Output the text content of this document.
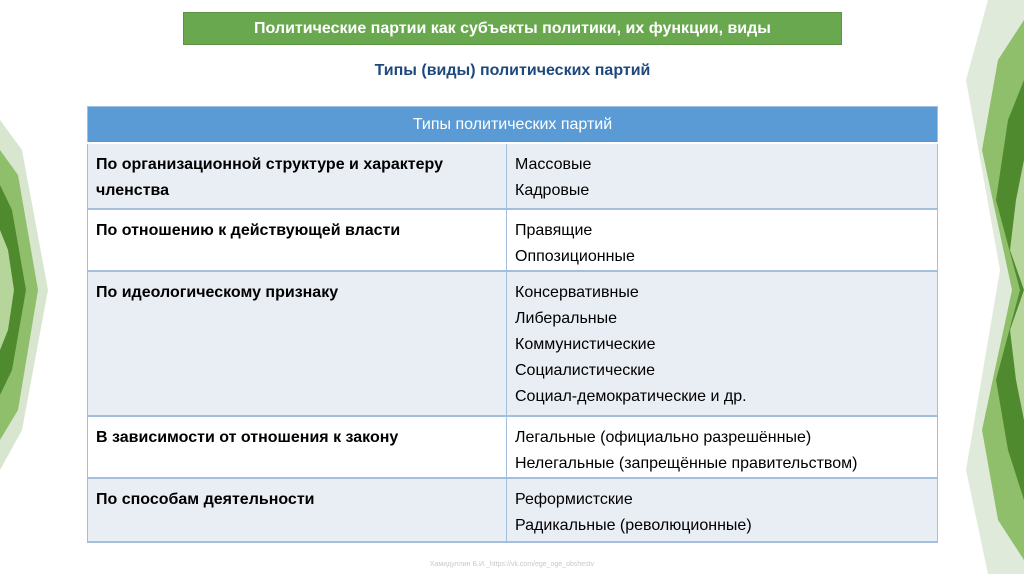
Политические партии как субъекты политики, их функции, виды
Типы (виды) политических партий
Типы политических партий	
По организационной структуре и характеру членства	Массовые
Кадровые

По отношению к действующей власти	Правящие
Оппозиционные

По идеологическому признаку	Консервативные
Либеральные
Коммунистические
Социалистические
Социал-демократические и др.

В зависимости от отношения к закону	Легальные (официально разрешённые)
Нелегальные (запрещённые правительством)

По способам деятельности	Реформистские
Радикальные (революционные)
Хамидуллин Б.И._https://vk.com/ege_oge_obshestv
